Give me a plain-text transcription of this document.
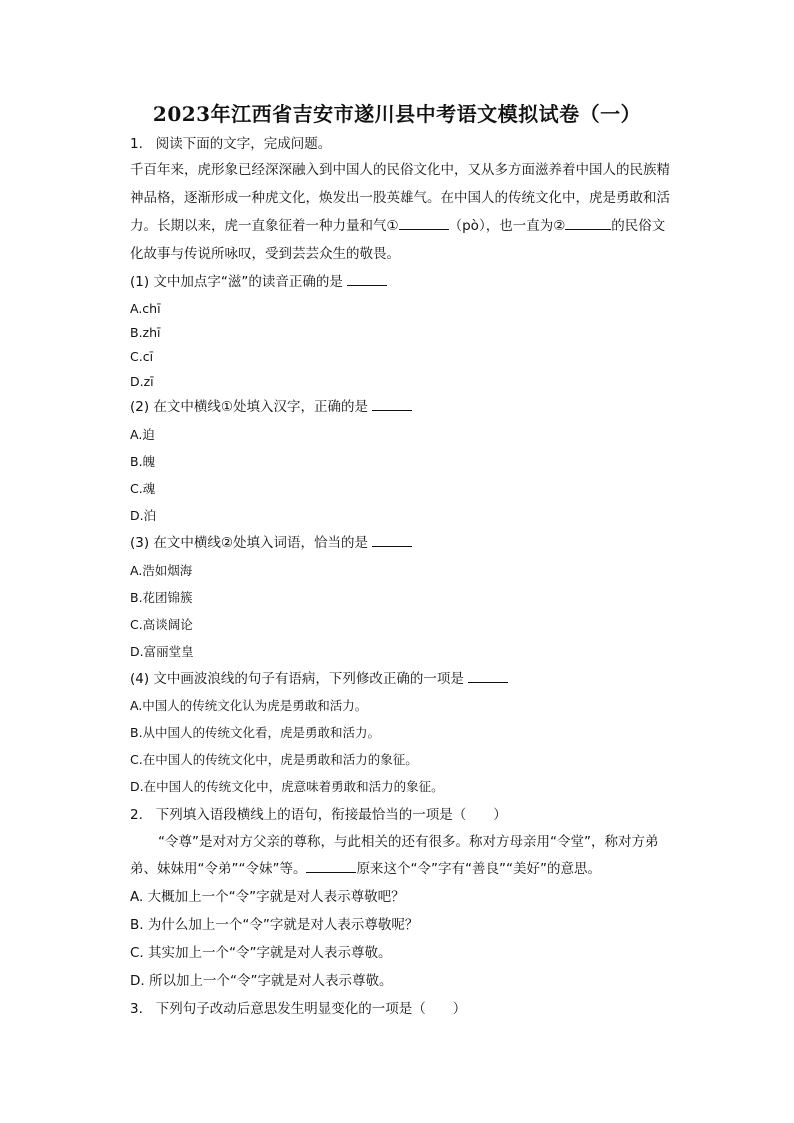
2023年江西省吉安市遂川县中考语文模拟试卷（一）
1. 阅读下面的文字，完成问题。
千百年来，虎形象已经深深融入到中国人的民俗文化中，又从多方面滋养着中国人的民族精
神品格，逐渐形成一种虎文化，焕发出一股英雄气。在中国人的传统文化中，虎是勇敢和活
力。长期以来，虎一直象征着一种力量和气①	（pò），也一直为②	的民俗文
化故事与传说所咏叹，受到芸芸众生的敬畏。
(1) 文中加点字“滋”的读音正确的是
A.chī
B.zhī
C.cī
D.zī
(2) 在文中横线①处填入汉字，正确的是
A.迫
B.魄
C.魂
D.泊
(3) 在文中横线②处填入词语，恰当的是
A.浩如烟海
B.花团锦簇
C.高谈阔论
D.富丽堂皇
(4) 文中画波浪线的句子有语病，下列修改正确的一项是
A.中国人的传统文化认为虎是勇敢和活力。
B.从中国人的传统文化看，虎是勇敢和活力。
C.在中国人的传统文化中，虎是勇敢和活力的象征。
D.在中国人的传统文化中，虎意味着勇敢和活力的象征。
2. 下列填入语段横线上的语句，衔接最恰当的一项是（　　）
“令尊”是对对方父亲的尊称，与此相关的还有很多。称对方母亲用“令堂”，称对方弟
弟、妹妹用“令弟”“令妹”等。	原来这个“令”字有“善良”“美好”的意思。
A. 大概加上一个“令”字就是对人表示尊敬吧？
B. 为什么加上一个“令”字就是对人表示尊敬呢？
C. 其实加上一个“令”字就是对人表示尊敬。
D. 所以加上一个“令”字就是对人表示尊敬。
3. 下列句子改动后意思发生明显变化的一项是（　　）
